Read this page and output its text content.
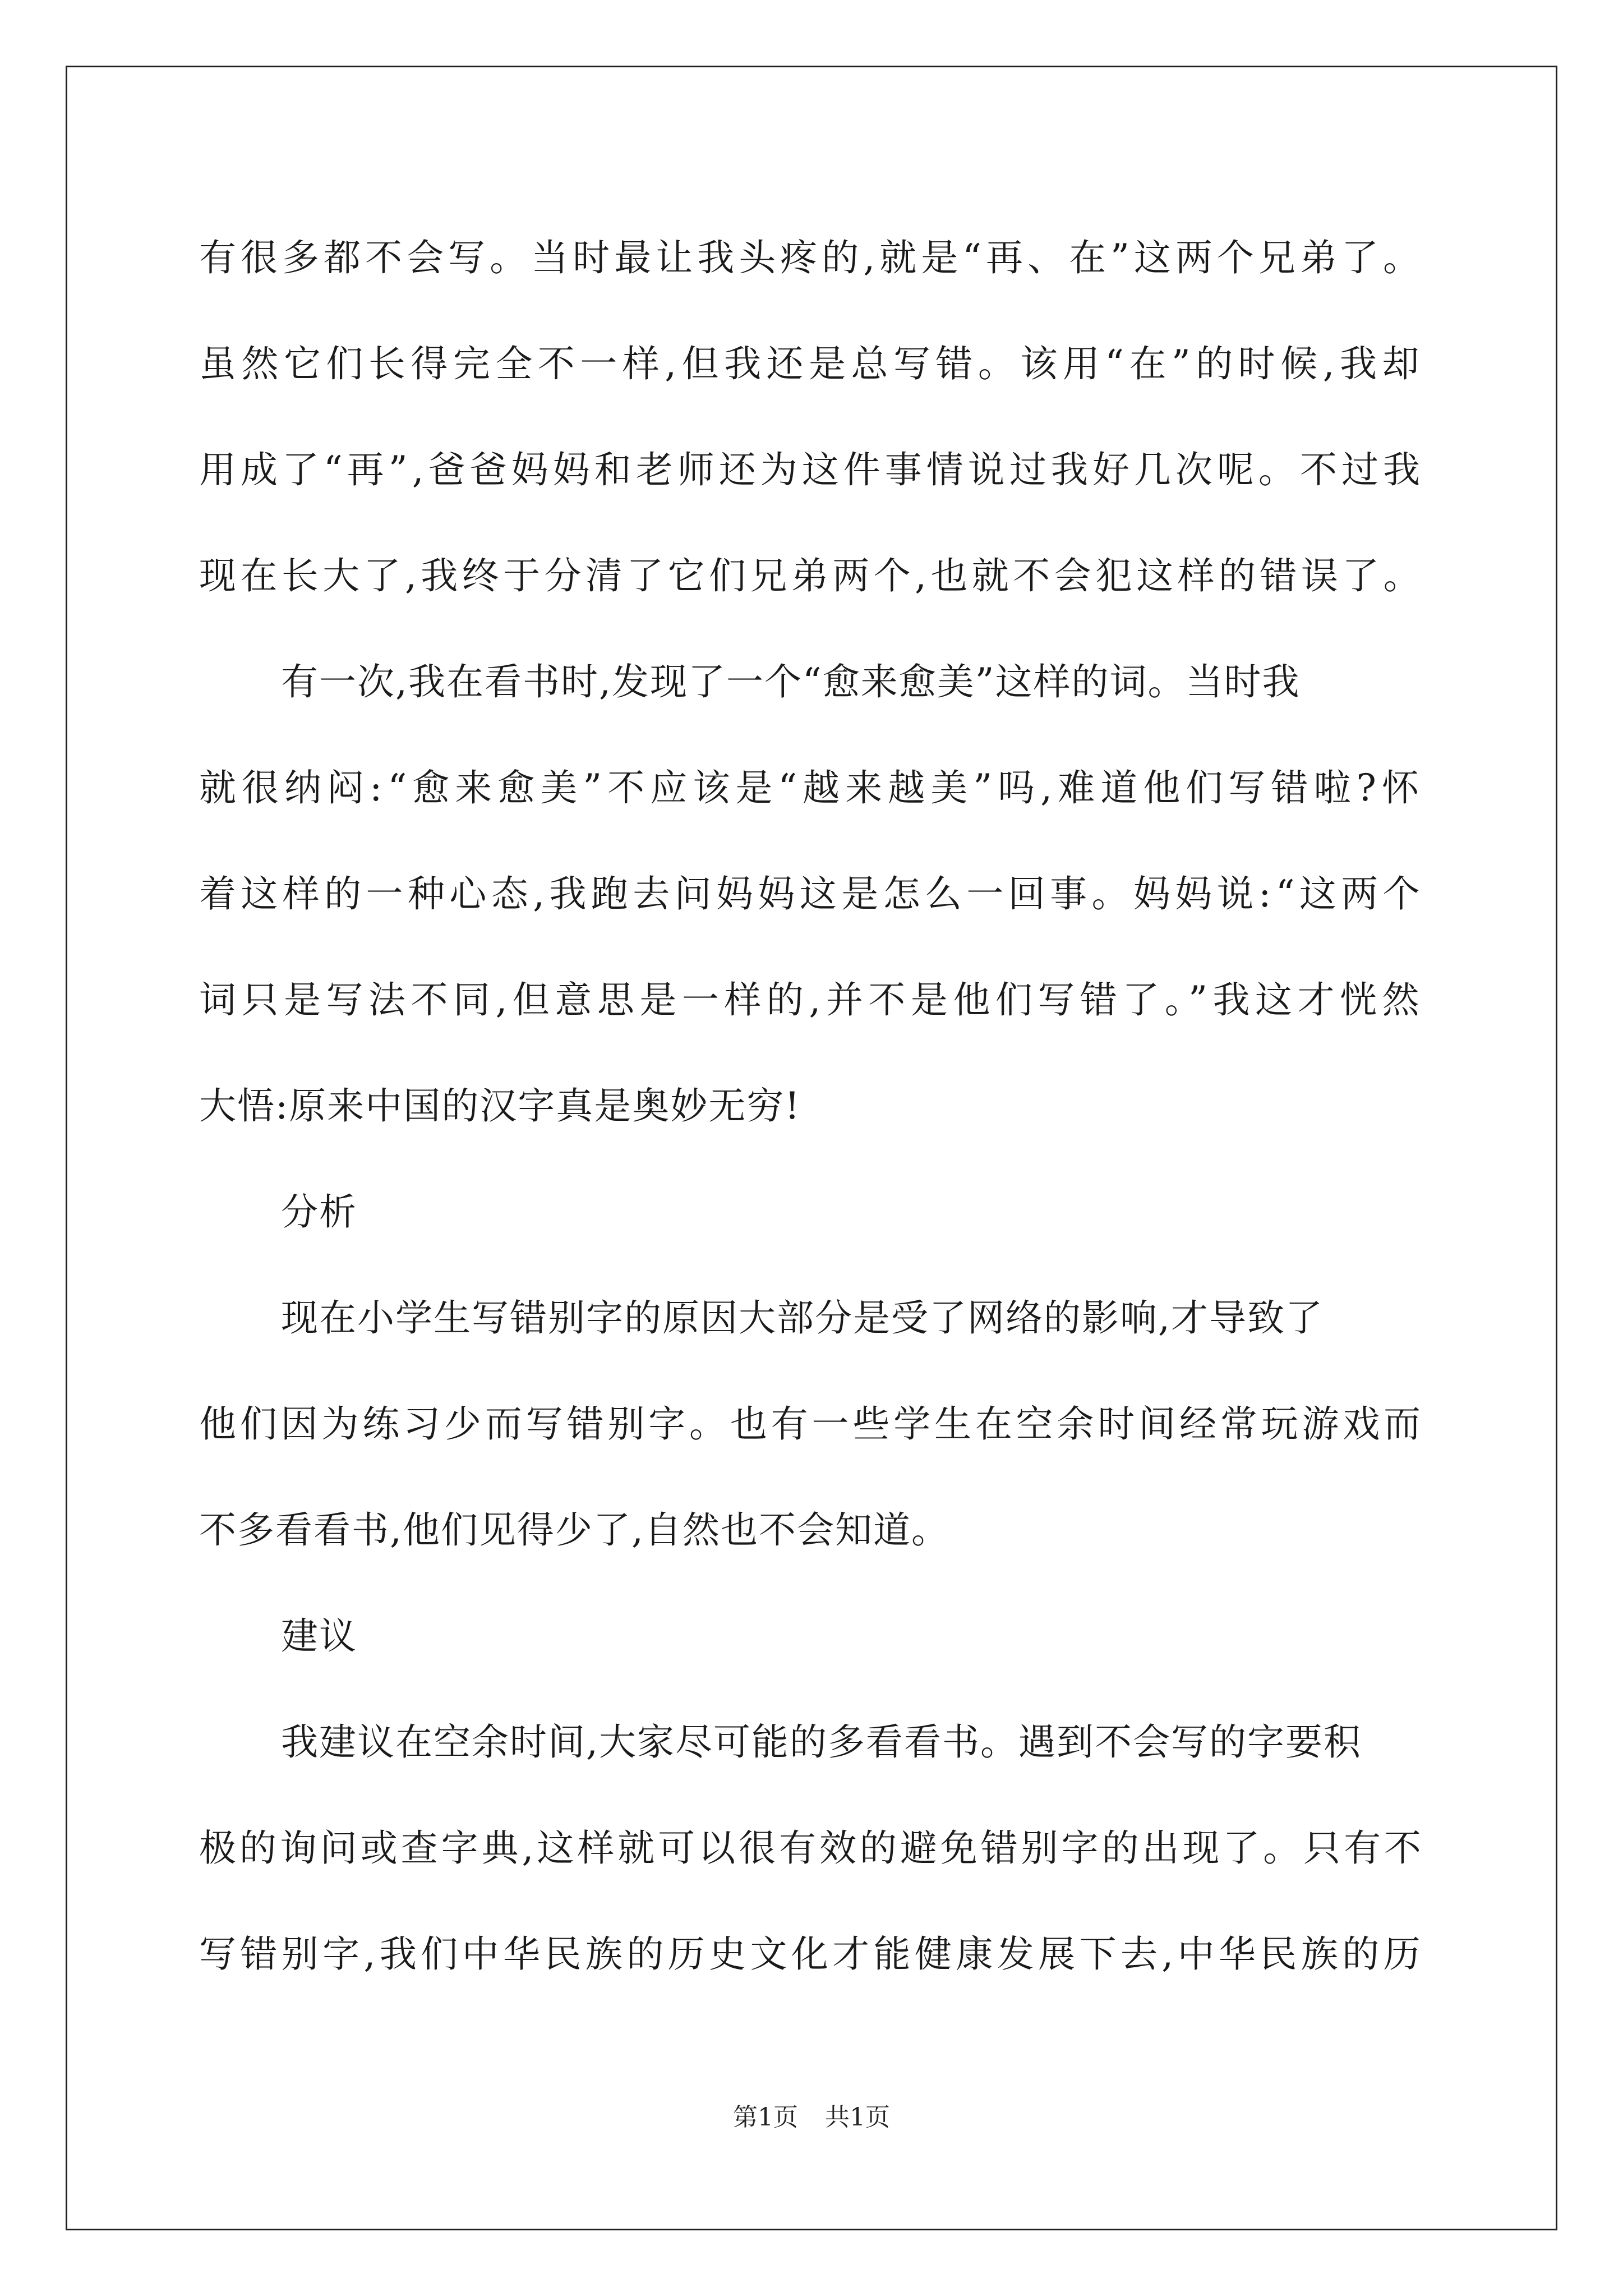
有很多都不会写。当时最让我头疼的,就是“再、在”这两个兄弟了。
虽然它们长得完全不一样,但我还是总写错。该用“在”的时候,我却
用成了“再”,爸爸妈妈和老师还为这件事情说过我好几次呢。不过我
现在长大了,我终于分清了它们兄弟两个,也就不会犯这样的错误了。
有一次,我在看书时,发现了一个“愈来愈美”这样的词。当时我
就很纳闷:“愈来愈美”不应该是“越来越美”吗,难道他们写错啦?怀
着这样的一种心态,我跑去问妈妈这是怎么一回事。妈妈说:“这两个
词只是写法不同,但意思是一样的,并不是他们写错了。”我这才恍然
大悟:原来中国的汉字真是奥妙无穷!
分析
现在小学生写错别字的原因大部分是受了网络的影响,才导致了
他们因为练习少而写错别字。也有一些学生在空余时间经常玩游戏而
不多看看书,他们见得少了,自然也不会知道。
建议
我建议在空余时间,大家尽可能的多看看书。遇到不会写的字要积
极的询问或查字典,这样就可以很有效的避免错别字的出现了。只有不
写错别字,我们中华民族的历史文化才能健康发展下去,中华民族的历
第1页 共1页
